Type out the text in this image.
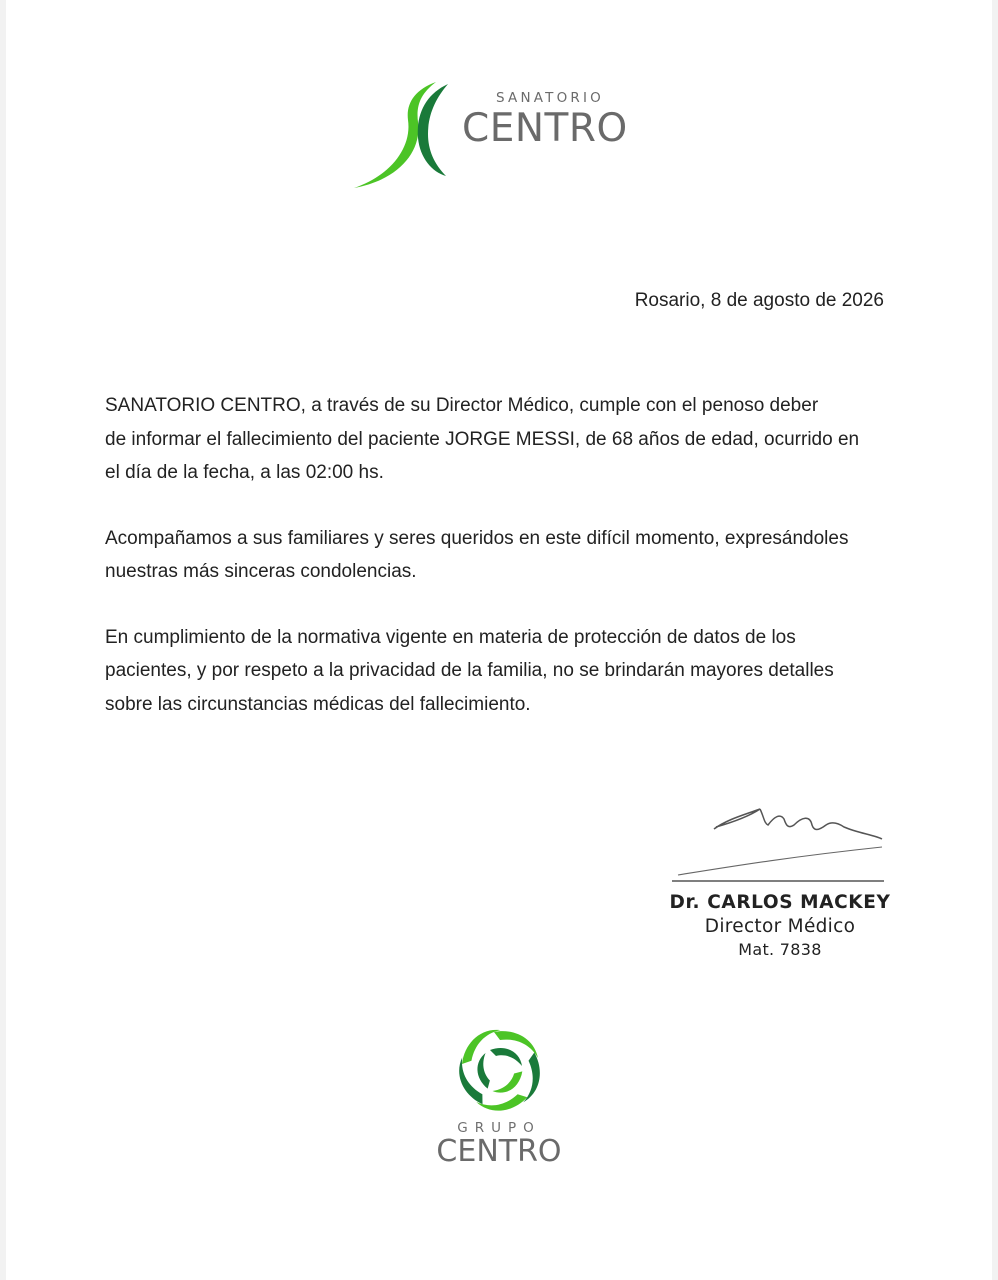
SANATORIO
CENTRO
Rosario, 8 de agosto de 2026

SANATORIO CENTRO, a través de su Director Médico, cumple con el penoso deber
de informar el fallecimiento del paciente JORGE MESSI, de 68 años de edad, ocurrido en
el día de la fecha, a las 02:00 hs.

Acompañamos a sus familiares y seres queridos en este difícil momento, expresándoles
nuestras más sinceras condolencias.

En cumplimiento de la normativa vigente en materia de protección de datos de los
pacientes, y por respeto a la privacidad de la familia, no se brindarán mayores detalles
sobre las circunstancias médicas del fallecimiento.

Dr. CARLOS MACKEY
Director Médico
Mat. 7838
GRUPO
CENTRO
